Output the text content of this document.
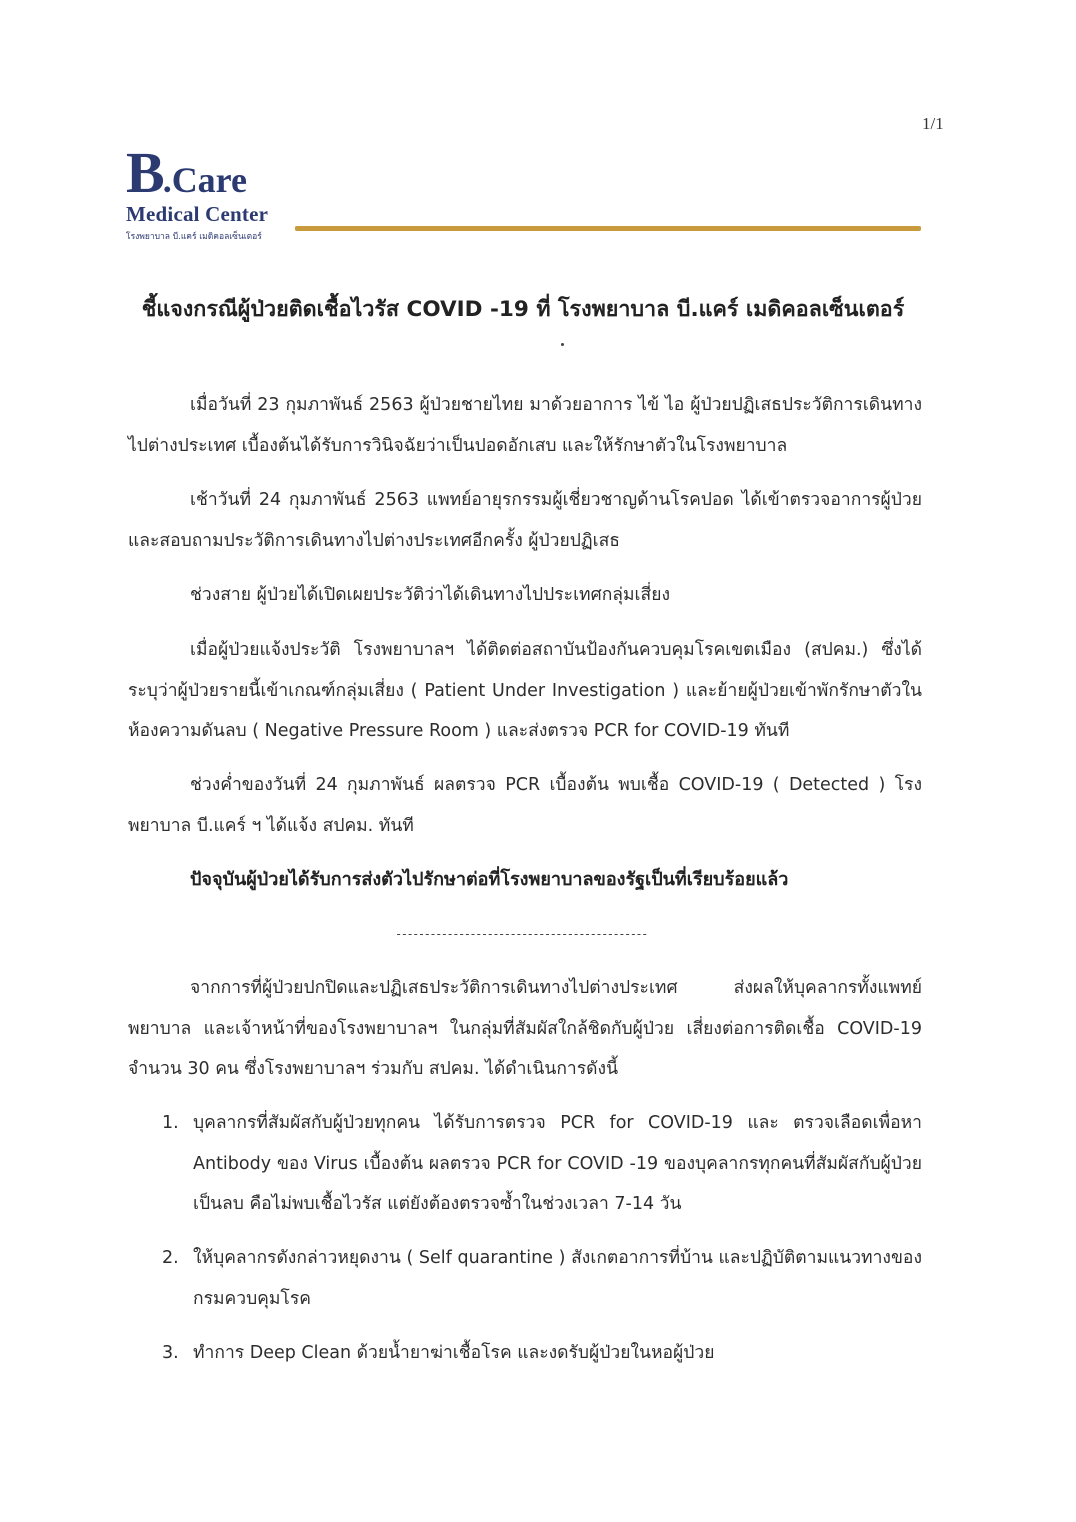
1/1
B
.Care
Medical Center
โรงพยาบาล บี.แคร์ เมดิคอลเซ็นเตอร์
ชี้แจงกรณีผู้ป่วยติดเชื้อไวรัส COVID -19 ที่ โรงพยาบาล บี.แคร์ เมดิคอลเซ็นเตอร์
เมื่อวันที่ 23 กุมภาพันธ์ 2563 ผู้ป่วยชายไทย มาด้วยอาการ ไข้ ไอ ผู้ป่วยปฏิเสธประวัติการเดินทางไปต่างประเทศ เบื้องต้นได้รับการวินิจฉัยว่าเป็นปอดอักเสบ และให้รักษาตัวในโรงพยาบาล
เช้าวันที่ 24 กุมภาพันธ์ 2563 แพทย์อายุรกรรมผู้เชี่ยวชาญด้านโรคปอด ได้เข้าตรวจอาการผู้ป่วยและสอบถามประวัติการเดินทางไปต่างประเทศอีกครั้ง ผู้ป่วยปฏิเสธ
ช่วงสาย ผู้ป่วยได้เปิดเผยประวัติว่าได้เดินทางไปประเทศกลุ่มเสี่ยง
เมื่อผู้ป่วยแจ้งประวัติ โรงพยาบาลฯ ได้ติดต่อสถาบันป้องกันควบคุมโรคเขตเมือง (สปคม.) ซึ่งได้ระบุว่าผู้ป่วยรายนี้เข้าเกณฑ์กลุ่มเสี่ยง ( Patient Under Investigation ) และย้ายผู้ป่วยเข้าพักรักษาตัวในห้องความดันลบ ( Negative Pressure Room ) และส่งตรวจ PCR for COVID-19 ทันที
ช่วงค่ำของวันที่ 24 กุมภาพันธ์ ผลตรวจ PCR เบื้องต้น พบเชื้อ COVID-19 ( Detected ) โรงพยาบาล บี.แคร์ ฯ ได้แจ้ง สปคม. ทันที
ปัจจุบันผู้ป่วยได้รับการส่งตัวไปรักษาต่อที่โรงพยาบาลของรัฐเป็นที่เรียบร้อยแล้ว
--------------------------------------------
จากการที่ผู้ป่วยปกปิดและปฏิเสธประวัติการเดินทางไปต่างประเทศ ส่งผลให้บุคลากรทั้งแพทย์ พยาบาล และเจ้าหน้าที่ของโรงพยาบาลฯ ในกลุ่มที่สัมผัสใกล้ชิดกับผู้ป่วย เสี่ยงต่อการติดเชื้อ COVID-19 จำนวน 30 คน ซึ่งโรงพยาบาลฯ ร่วมกับ สปคม. ได้ดำเนินการดังนี้
1. บุคลากรที่สัมผัสกับผู้ป่วยทุกคน ได้รับการตรวจ PCR for COVID-19 และ ตรวจเลือดเพื่อหา Antibody ของ Virus เบื้องต้น ผลตรวจ PCR for COVID -19 ของบุคลากรทุกคนที่สัมผัสกับผู้ป่วยเป็นลบ คือไม่พบเชื้อไวรัส แต่ยังต้องตรวจซ้ำในช่วงเวลา 7-14 วัน
2. ให้บุคลากรดังกล่าวหยุดงาน ( Self quarantine ) สังเกตอาการที่บ้าน และปฏิบัติตามแนวทางของกรมควบคุมโรค
3. ทำการ Deep Clean ด้วยน้ำยาฆ่าเชื้อโรค และงดรับผู้ป่วยในหอผู้ป่วย
